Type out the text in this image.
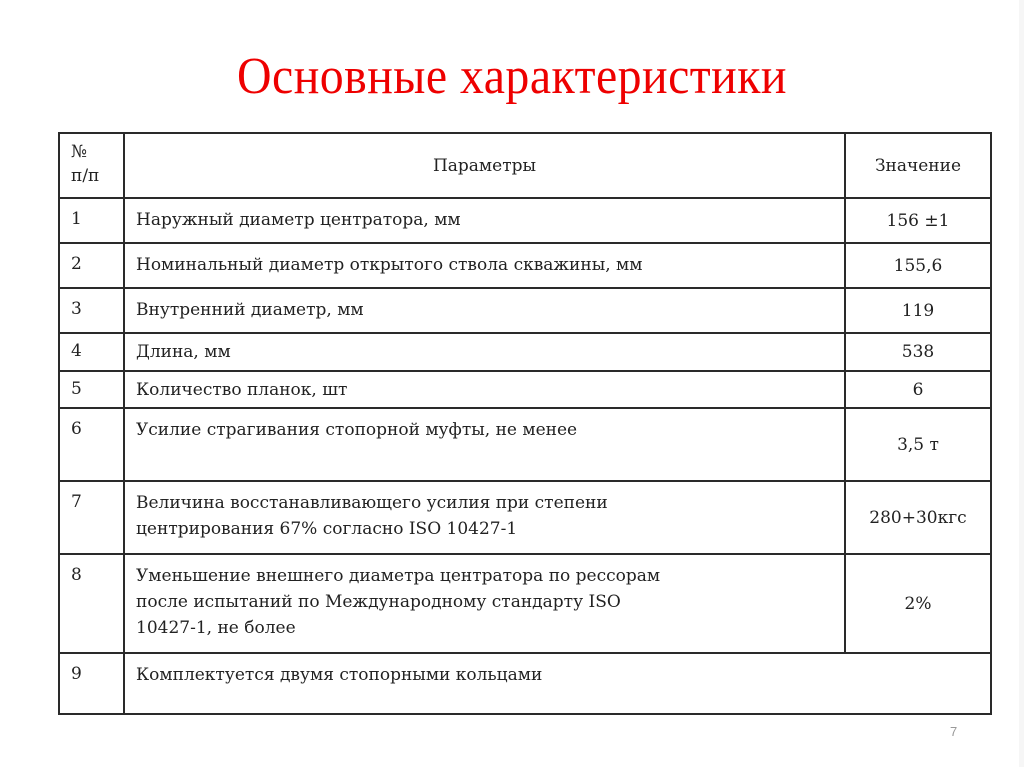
Основные характеристики
№
п/п	Параметры	Значение
1	Наружный диаметр центратора, мм	156 ±1
2	Номинальный диаметр открытого ствола скважины, мм	155,6
3	Внутренний диаметр, мм	119
4	Длина, мм	538
5	Количество планок, шт	6
6	Усилие страгивания стопорной муфты, не менее	3,5 т
7	Величина восстанавливающего усилия при степени
центрирования 67% согласно ISO 10427-1	280+30кгс
8	Уменьшение внешнего диаметра центратора по рессорам
после испытаний по Международному стандарту ISO
10427-1, не более	2%
9	Комплектуется двумя стопорными кольцами	
7
